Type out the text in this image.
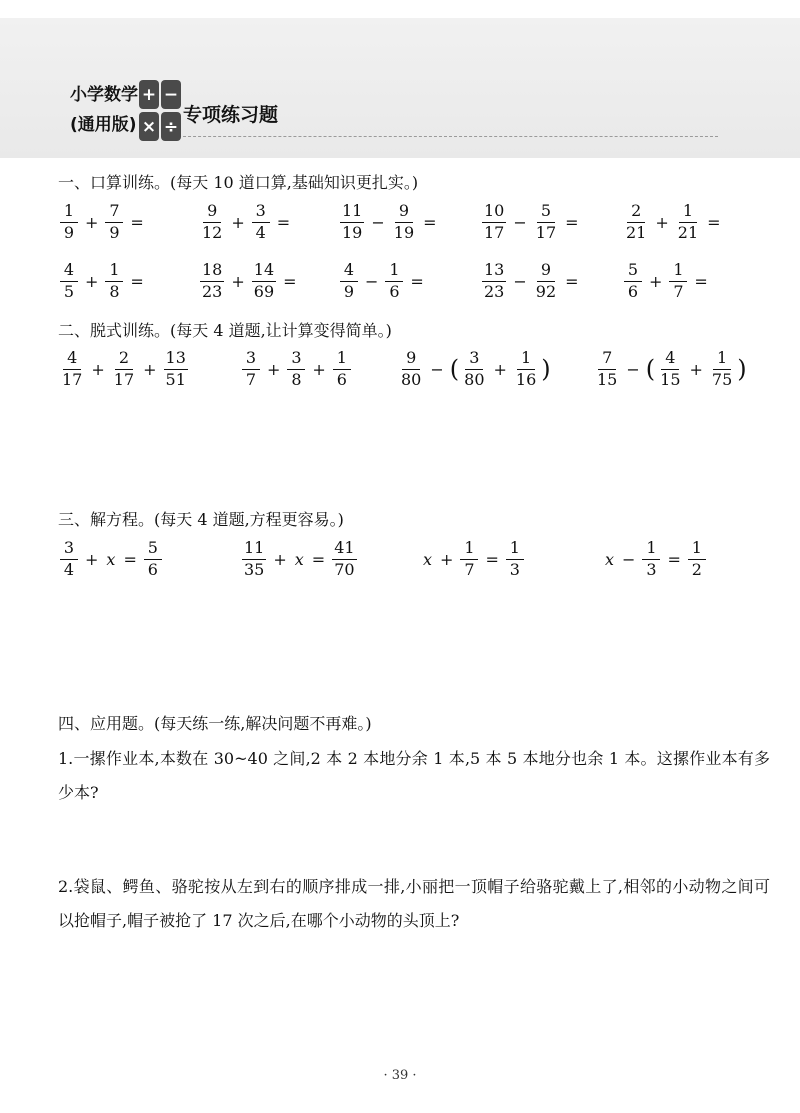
小学数学
(通用版)
+ −
× ÷
专项练习题
一、口算训练。(每天 10 道口算,基础知识更扎实。)
二、脱式训练。(每天 4 道题,让计算变得简单。)
三、解方程。(每天 4 道题,方程更容易。)
四、应用题。(每天练一练,解决问题不再难。)
$\frac{1}{9} + \frac{7}{9}$ =	$\frac{9}{12} + \frac{3}{4}$ =	$\frac{11}{19} - \frac{9}{19}$ =	$\frac{10}{17} - \frac{5}{17}$ =	$\frac{2}{21} + \frac{1}{21}$ =
$\frac{4}{5} + \frac{1}{8}$ =	$\frac{18}{23} + \frac{14}{69}$ =	$\frac{4}{9} - \frac{1}{6}$ =	$\frac{13}{23} - \frac{9}{92}$ =	$\frac{5}{6} + \frac{1}{7}$ =
$\frac{4}{17} + \frac{2}{17} + \frac{13}{51}$	$\frac{3}{7} + \frac{3}{8} + \frac{1}{6}$	$\frac{9}{80}$ − ( $\frac{3}{80} + \frac{1}{16}$ )	$\frac{7}{15}$ − ( $\frac{4}{15} + \frac{1}{75}$ )
$\frac{3}{4} + x = \frac{5}{6}$	$\frac{11}{35} + x = \frac{41}{70}$	$x + \frac{1}{7} = \frac{1}{3}$	$x - \frac{1}{3} = \frac{1}{2}$
1.一摞作业本,本数在 30~40 之间,2 本 2 本地分余 1 本,5 本 5 本地分也余 1 本。这摞作业本有多少本?
2.袋鼠、鳄鱼、骆驼按从左到右的顺序排成一排,小丽把一顶帽子给骆驼戴上了,相邻的小动物之间可以抢帽子,帽子被抢了 17 次之后,在哪个小动物的头顶上?
· 39 ·
